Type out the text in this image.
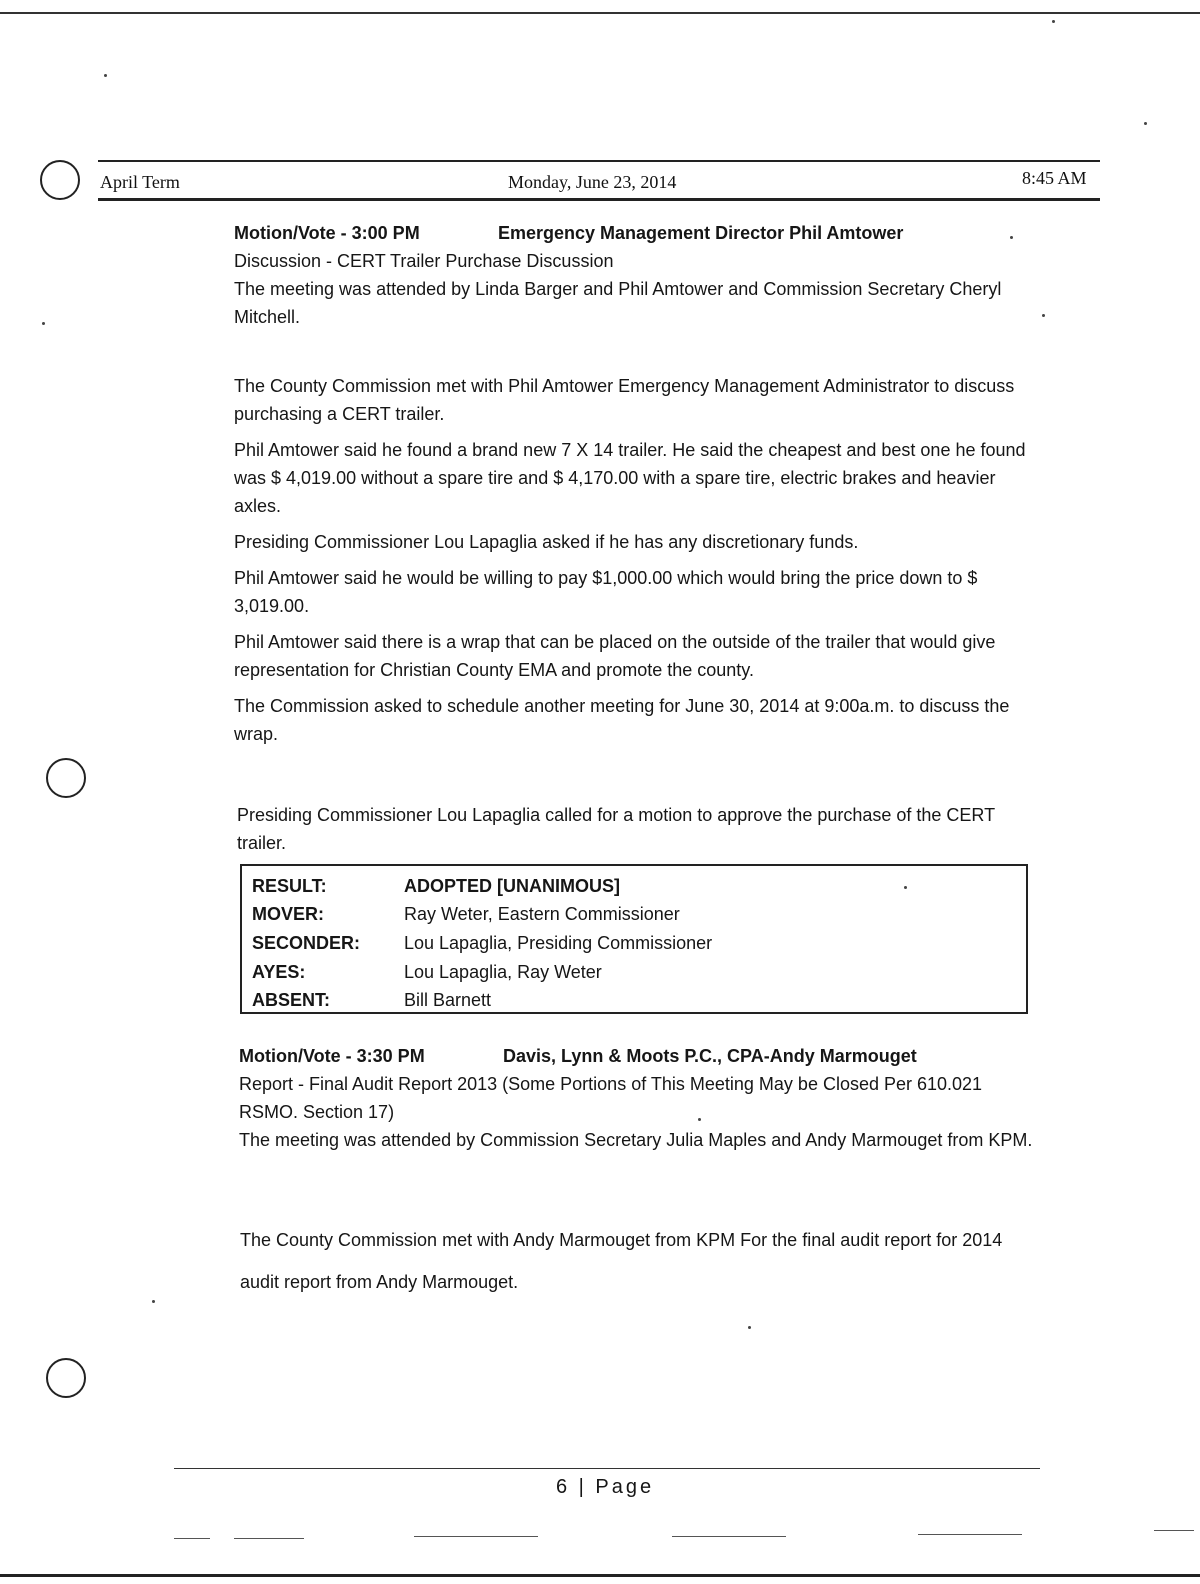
April Term	Monday, June 23, 2014	8:45 AM

Motion/Vote - 3:00 PM	Emergency Management Director Phil Amtower

Discussion - CERT Trailer Purchase Discussion

The meeting was attended by Linda Barger and Phil Amtower and Commission Secretary Cheryl Mitchell.

The County Commission met with Phil Amtower Emergency Management Administrator to discuss purchasing a CERT trailer.

Phil Amtower said he found a brand new 7 X 14 trailer. He said the cheapest and best one he found was $ 4,019.00 without a spare tire and $ 4,170.00 with a spare tire, electric brakes and heavier axles.

Presiding Commissioner Lou Lapaglia asked if he has any discretionary funds.

Phil Amtower said he would be willing to pay $1,000.00 which would bring the price down to $ 3,019.00.

Phil Amtower said there is a wrap that can be placed on the outside of the trailer that would give representation for Christian County EMA and promote the county.

The Commission asked to schedule another meeting for June 30, 2014 at 9:00a.m. to discuss the wrap.

Presiding Commissioner Lou Lapaglia called for a motion to approve the purchase of the CERT trailer.
RESULT:	ADOPTED [UNANIMOUS]
MOVER:	Ray Weter, Eastern Commissioner
SECONDER: Lou Lapaglia, Presiding Commissioner
AYES:	Lou Lapaglia, Ray Weter
ABSENT:	Bill Barnett

Motion/Vote - 3:30 PM	Davis, Lynn & Moots P.C., CPA-Andy Marmouget

Report - Final Audit Report 2013 (Some Portions of This Meeting May be Closed Per 610.021 RSMO. Section 17)

The meeting was attended by Commission Secretary Julia Maples and Andy Marmouget from KPM.

The County Commission met with Andy Marmouget from KPM For the final audit report for 2014

audit report from Andy Marmouget.

6 | Page
